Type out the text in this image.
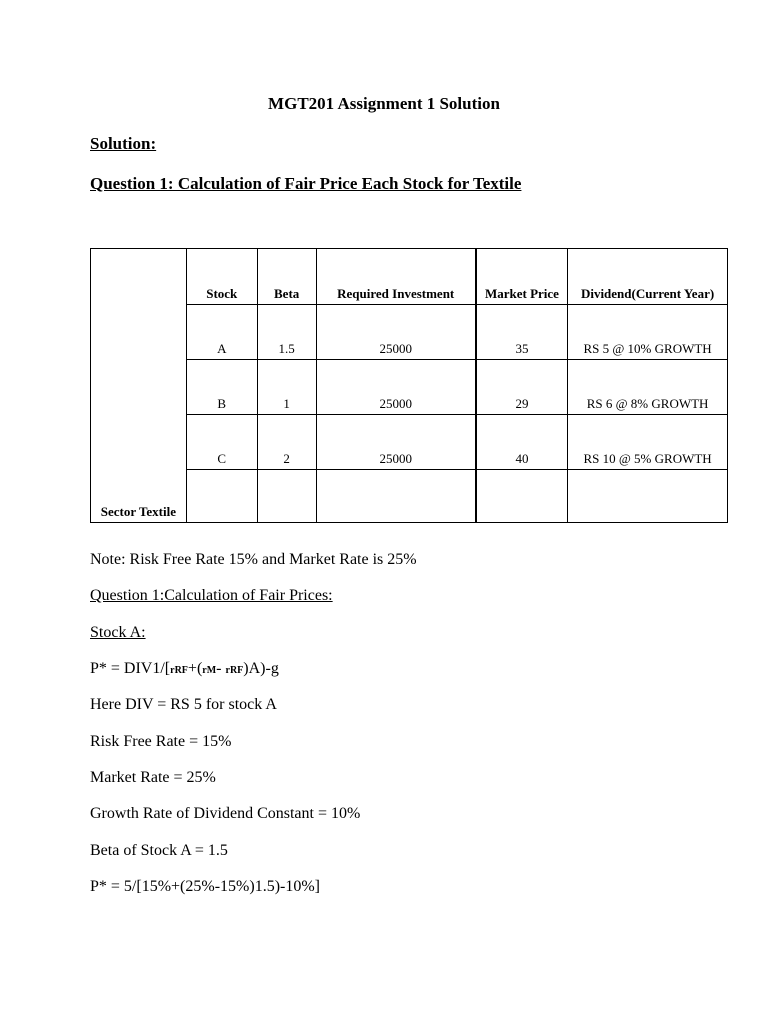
MGT201 Assignment 1 Solution

Solution:

Question 1: Calculation of Fair Price Each Stock for Textile

Sector Textile	Stock	Beta	Required Investment	Market Price	Dividend(Current Year)
	A	1.5	25000	35	RS 5 @ 10% GROWTH
	B	1	25000	29	RS 6 @ 8% GROWTH
	C	2	25000	40	RS 10 @ 5% GROWTH

Note: Risk Free Rate 15% and Market Rate is 25%

Question 1:Calculation of Fair Prices:

Stock A:

P* = DIV1/[rRF+(rM- rRF)A)-g

Here DIV = RS 5 for stock A

Risk Free Rate = 15%

Market Rate = 25%

Growth Rate of Dividend Constant = 10%

Beta of Stock A = 1.5

P* = 5/[15%+(25%-15%)1.5)-10%]
